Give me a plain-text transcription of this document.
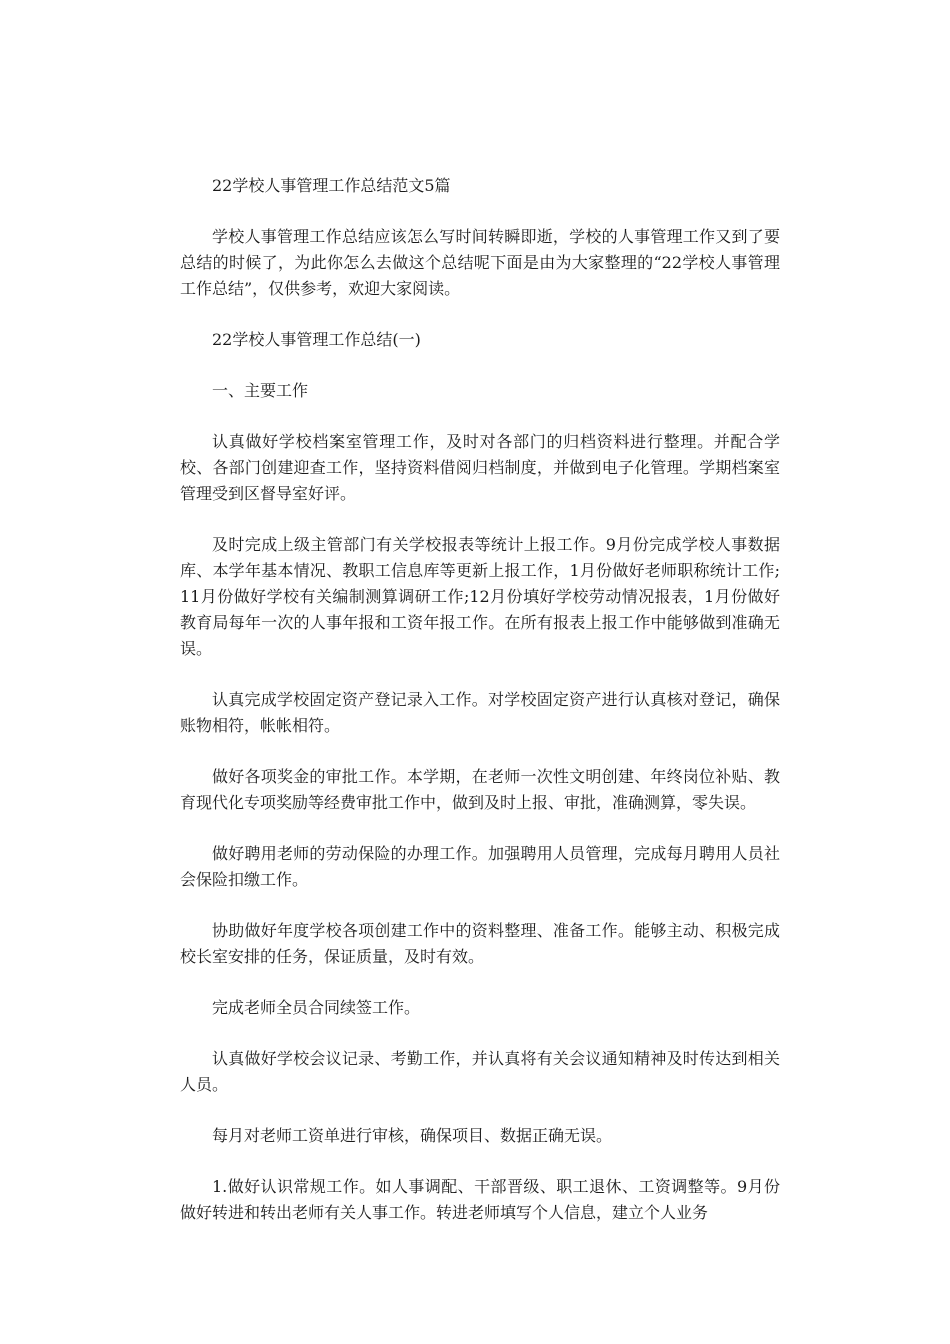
22学校人事管理工作总结范文5篇

学校人事管理工作总结应该怎么写时间转瞬即逝，学校的人事管理工作又到了要总结的时候了，为此你怎么去做这个总结呢下面是由为大家整理的“22学校人事管理工作总结”，仅供参考，欢迎大家阅读。

22学校人事管理工作总结(一)

一、主要工作

认真做好学校档案室管理工作，及时对各部门的归档资料进行整理。并配合学校、各部门创建迎查工作，坚持资料借阅归档制度，并做到电子化管理。学期档案室管理受到区督导室好评。

及时完成上级主管部门有关学校报表等统计上报工作。9月份完成学校人事数据库、本学年基本情况、教职工信息库等更新上报工作，1月份做好老师职称统计工作;11月份做好学校有关编制测算调研工作;12月份填好学校劳动情况报表，1月份做好教育局每年一次的人事年报和工资年报工作。在所有报表上报工作中能够做到准确无误。

认真完成学校固定资产登记录入工作。对学校固定资产进行认真核对登记，确保账物相符，帐帐相符。

做好各项奖金的审批工作。本学期，在老师一次性文明创建、年终岗位补贴、教育现代化专项奖励等经费审批工作中，做到及时上报、审批，准确测算，零失误。

做好聘用老师的劳动保险的办理工作。加强聘用人员管理，完成每月聘用人员社会保险扣缴工作。

协助做好年度学校各项创建工作中的资料整理、准备工作。能够主动、积极完成校长室安排的任务，保证质量，及时有效。

完成老师全员合同续签工作。

认真做好学校会议记录、考勤工作，并认真将有关会议通知精神及时传达到相关人员。

每月对老师工资单进行审核，确保项目、数据正确无误。

1.做好认识常规工作。如人事调配、干部晋级、职工退休、工资调整等。9月份做好转进和转出老师有关人事工作。转进老师填写个人信息，建立个人业务
